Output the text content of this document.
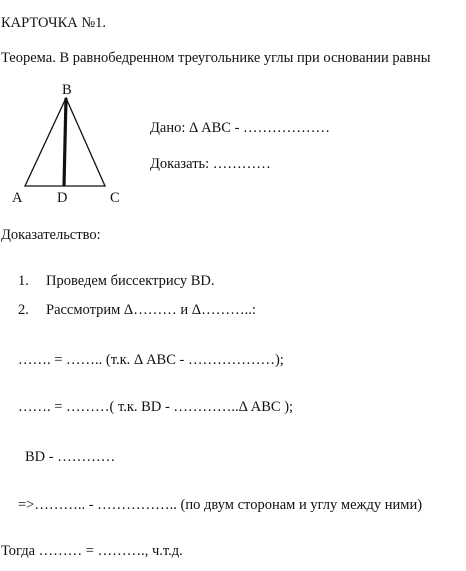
КАРТОЧКА №1.
Теорема. В равнобедренном треугольнике углы при основании равны
B
A D	C
Дано: Δ АВС - ………………
Доказать: …………
Доказательство:
1. Проведем биссектрису BD.
2. Рассмотрим Δ……… и Δ………..:
……. = …….. (т.к. Δ АВС - ………………);
……. = ………( т.к. BD - …………..Δ АВС );
BD - …………
=>……….. - …………….. (по двум сторонам и углу между ними)
Тогда ……… = ………., ч.т.д.
